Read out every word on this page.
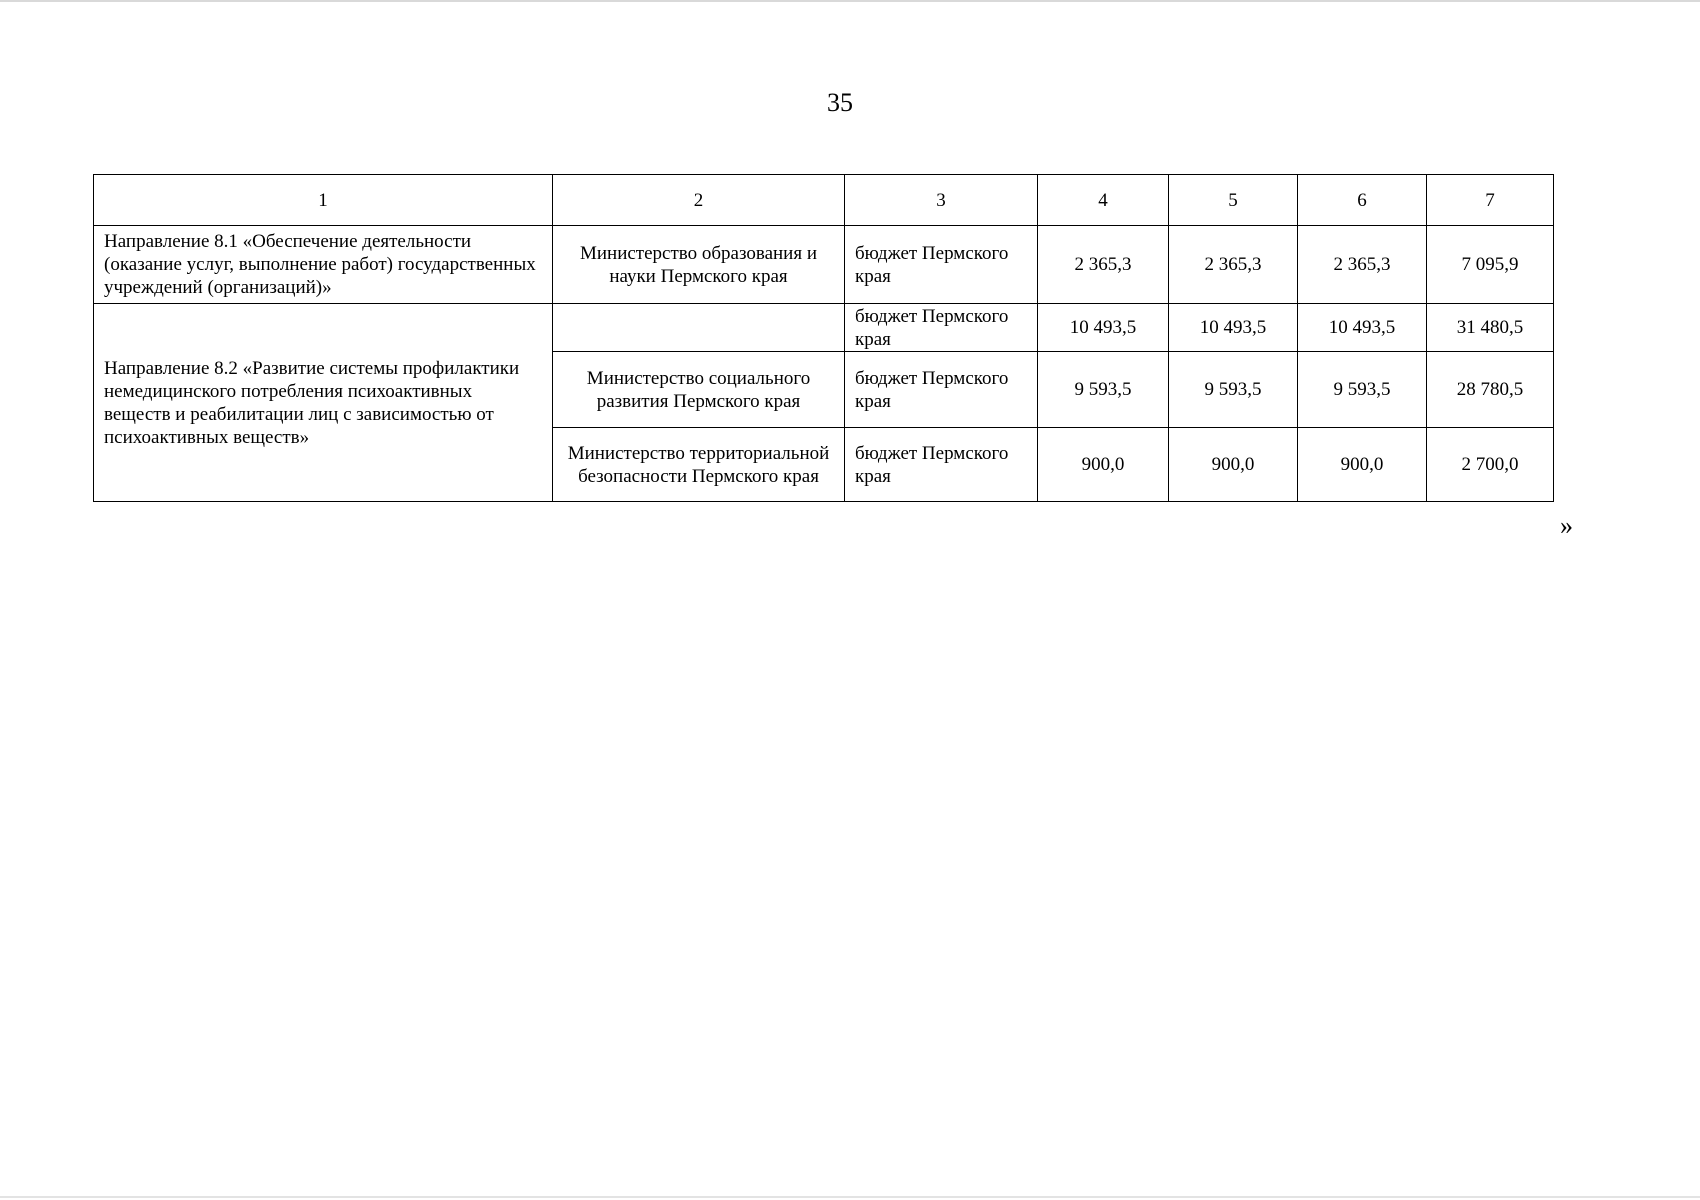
35
1	2	3	4	5	6	7
Направление 8.1 «Обеспечение деятельности (оказание услуг, выполнение работ) государственных учреждений (организаций)»	Министерство образования и науки Пермского края	бюджет Пермского края	2 365,3	2 365,3	2 365,3	7 095,9
Направление 8.2 «Развитие системы профилактики немедицинского потребления психоактивных веществ и реабилитации лиц с зависимостью от психоактивных веществ»		бюджет Пермского края	10 493,5	10 493,5	10 493,5	31 480,5
	Министерство социального развития Пермского края	бюджет Пермского края	9 593,5	9 593,5	9 593,5	28 780,5
	Министерство территориальной безопасности Пермского края	бюджет Пермского края	900,0	900,0	900,0	2 700,0
»
